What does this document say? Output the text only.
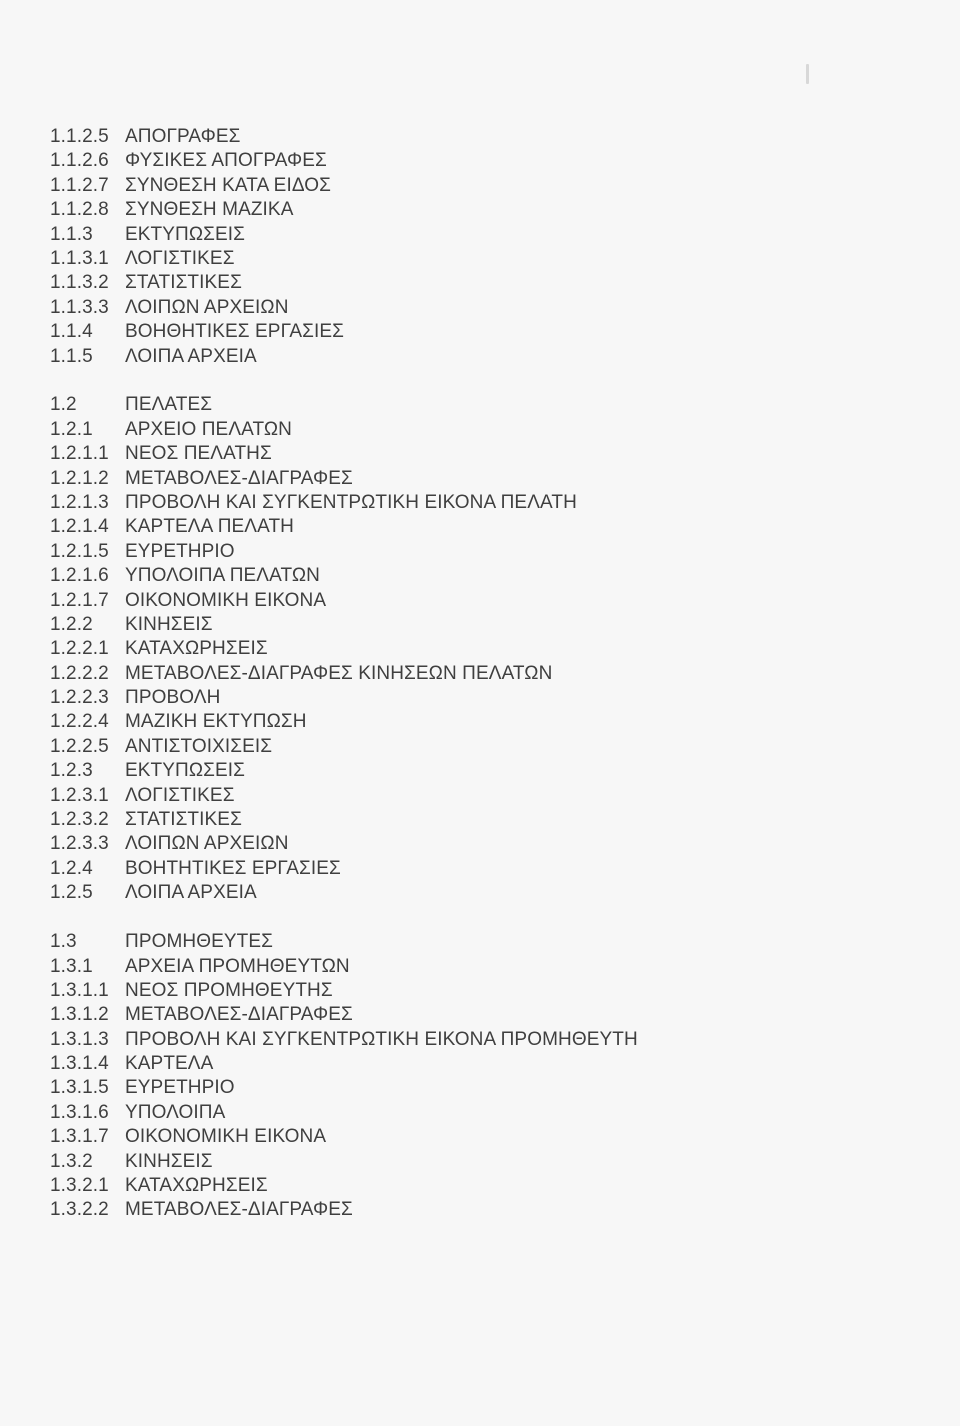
1.1.2.5 ΑΠΟΓΡΑΦΕΣ
1.1.2.6 ΦΥΣΙΚΕΣ ΑΠΟΓΡΑΦΕΣ
1.1.2.7 ΣΥΝΘΕΣΗ ΚΑΤΑ ΕΙΔΟΣ
1.1.2.8 ΣΥΝΘΕΣΗ ΜΑΖΙΚΑ
1.1.3	ΕΚΤΥΠΩΣΕΙΣ
1.1.3.1 ΛΟΓΙΣΤΙΚΕΣ
1.1.3.2 ΣΤΑΤΙΣΤΙΚΕΣ
1.1.3.3 ΛΟΙΠΩΝ ΑΡΧΕΙΩΝ
1.1.4	ΒΟΗΘΗΤΙΚΕΣ ΕΡΓΑΣΙΕΣ
1.1.5	ΛΟΙΠΑ ΑΡΧΕΙΑ
1.2	ΠΕΛΑΤΕΣ
1.2.1	ΑΡΧΕΙΟ ΠΕΛΑΤΩΝ
1.2.1.1 ΝΕΟΣ ΠΕΛΑΤΗΣ
1.2.1.2 ΜΕΤΑΒΟΛΕΣ-ΔΙΑΓΡΑΦΕΣ
1.2.1.3 ΠΡΟΒΟΛΗ ΚΑΙ ΣΥΓΚΕΝΤΡΩΤΙΚΗ ΕΙΚΟΝΑ ΠΕΛΑΤΗ
1.2.1.4 ΚΑΡΤΕΛΑ ΠΕΛΑΤΗ
1.2.1.5 ΕΥΡΕΤΗΡΙΟ
1.2.1.6 ΥΠΟΛΟΙΠΑ ΠΕΛΑΤΩΝ
1.2.1.7 ΟΙΚΟΝΟΜΙΚΗ ΕΙΚΟΝΑ
1.2.2	ΚΙΝΗΣΕΙΣ
1.2.2.1 ΚΑΤΑΧΩΡΗΣΕΙΣ
1.2.2.2 ΜΕΤΑΒΟΛΕΣ-ΔΙΑΓΡΑΦΕΣ ΚΙΝΗΣΕΩΝ ΠΕΛΑΤΩΝ
1.2.2.3 ΠΡΟΒΟΛΗ
1.2.2.4 ΜΑΖΙΚΗ ΕΚΤΥΠΩΣΗ
1.2.2.5 ΑΝΤΙΣΤΟΙΧΙΣΕΙΣ
1.2.3	ΕΚΤΥΠΩΣΕΙΣ
1.2.3.1 ΛΟΓΙΣΤΙΚΕΣ
1.2.3.2 ΣΤΑΤΙΣΤΙΚΕΣ
1.2.3.3 ΛΟΙΠΩΝ ΑΡΧΕΙΩΝ
1.2.4	ΒΟΗΤΗΤΙΚΕΣ ΕΡΓΑΣΙΕΣ
1.2.5	ΛΟΙΠΑ ΑΡΧΕΙΑ
1.3	ΠΡΟΜΗΘΕΥΤΕΣ
1.3.1	ΑΡΧΕΙΑ ΠΡΟΜΗΘΕΥΤΩΝ
1.3.1.1 ΝΕΟΣ ΠΡΟΜΗΘΕΥΤΗΣ
1.3.1.2 ΜΕΤΑΒΟΛΕΣ-ΔΙΑΓΡΑΦΕΣ
1.3.1.3 ΠΡΟΒΟΛΗ ΚΑΙ ΣΥΓΚΕΝΤΡΩΤΙΚΗ ΕΙΚΟΝΑ ΠΡΟΜΗΘΕΥΤΗ
1.3.1.4 ΚΑΡΤΕΛΑ
1.3.1.5 ΕΥΡΕΤΗΡΙΟ
1.3.1.6 ΥΠΟΛΟΙΠΑ
1.3.1.7 ΟΙΚΟΝΟΜΙΚΗ ΕΙΚΟΝΑ
1.3.2	ΚΙΝΗΣΕΙΣ
1.3.2.1 ΚΑΤΑΧΩΡΗΣΕΙΣ
1.3.2.2 ΜΕΤΑΒΟΛΕΣ-ΔΙΑΓΡΑΦΕΣ
